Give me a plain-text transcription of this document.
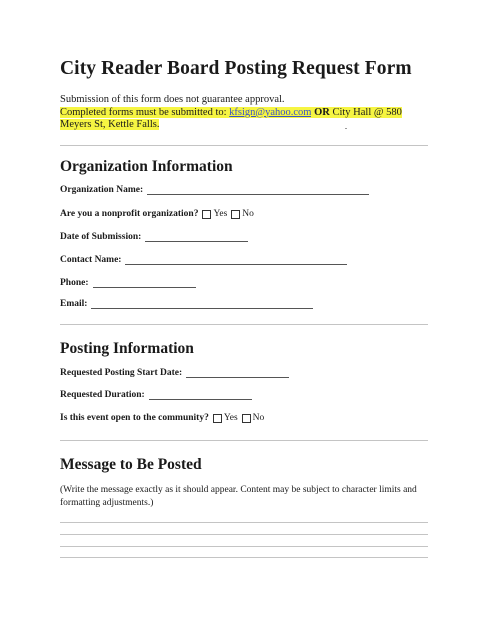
City Reader Board Posting Request Form
Submission of this form does not guarantee approval.
Completed forms must be submitted to: kfsign@yahoo.com OR City Hall @ 580 Meyers St, Kettle Falls.
Organization Information
Organization Name:
Are you a nonprofit organization? Yes No
Date of Submission:
Contact Name:
Phone:
Email:
Posting Information
Requested Posting Start Date:
Requested Duration:
Is this event open to the community? Yes No
Message to Be Posted
(Write the message exactly as it should appear. Content may be subject to character limits and formatting adjustments.)
